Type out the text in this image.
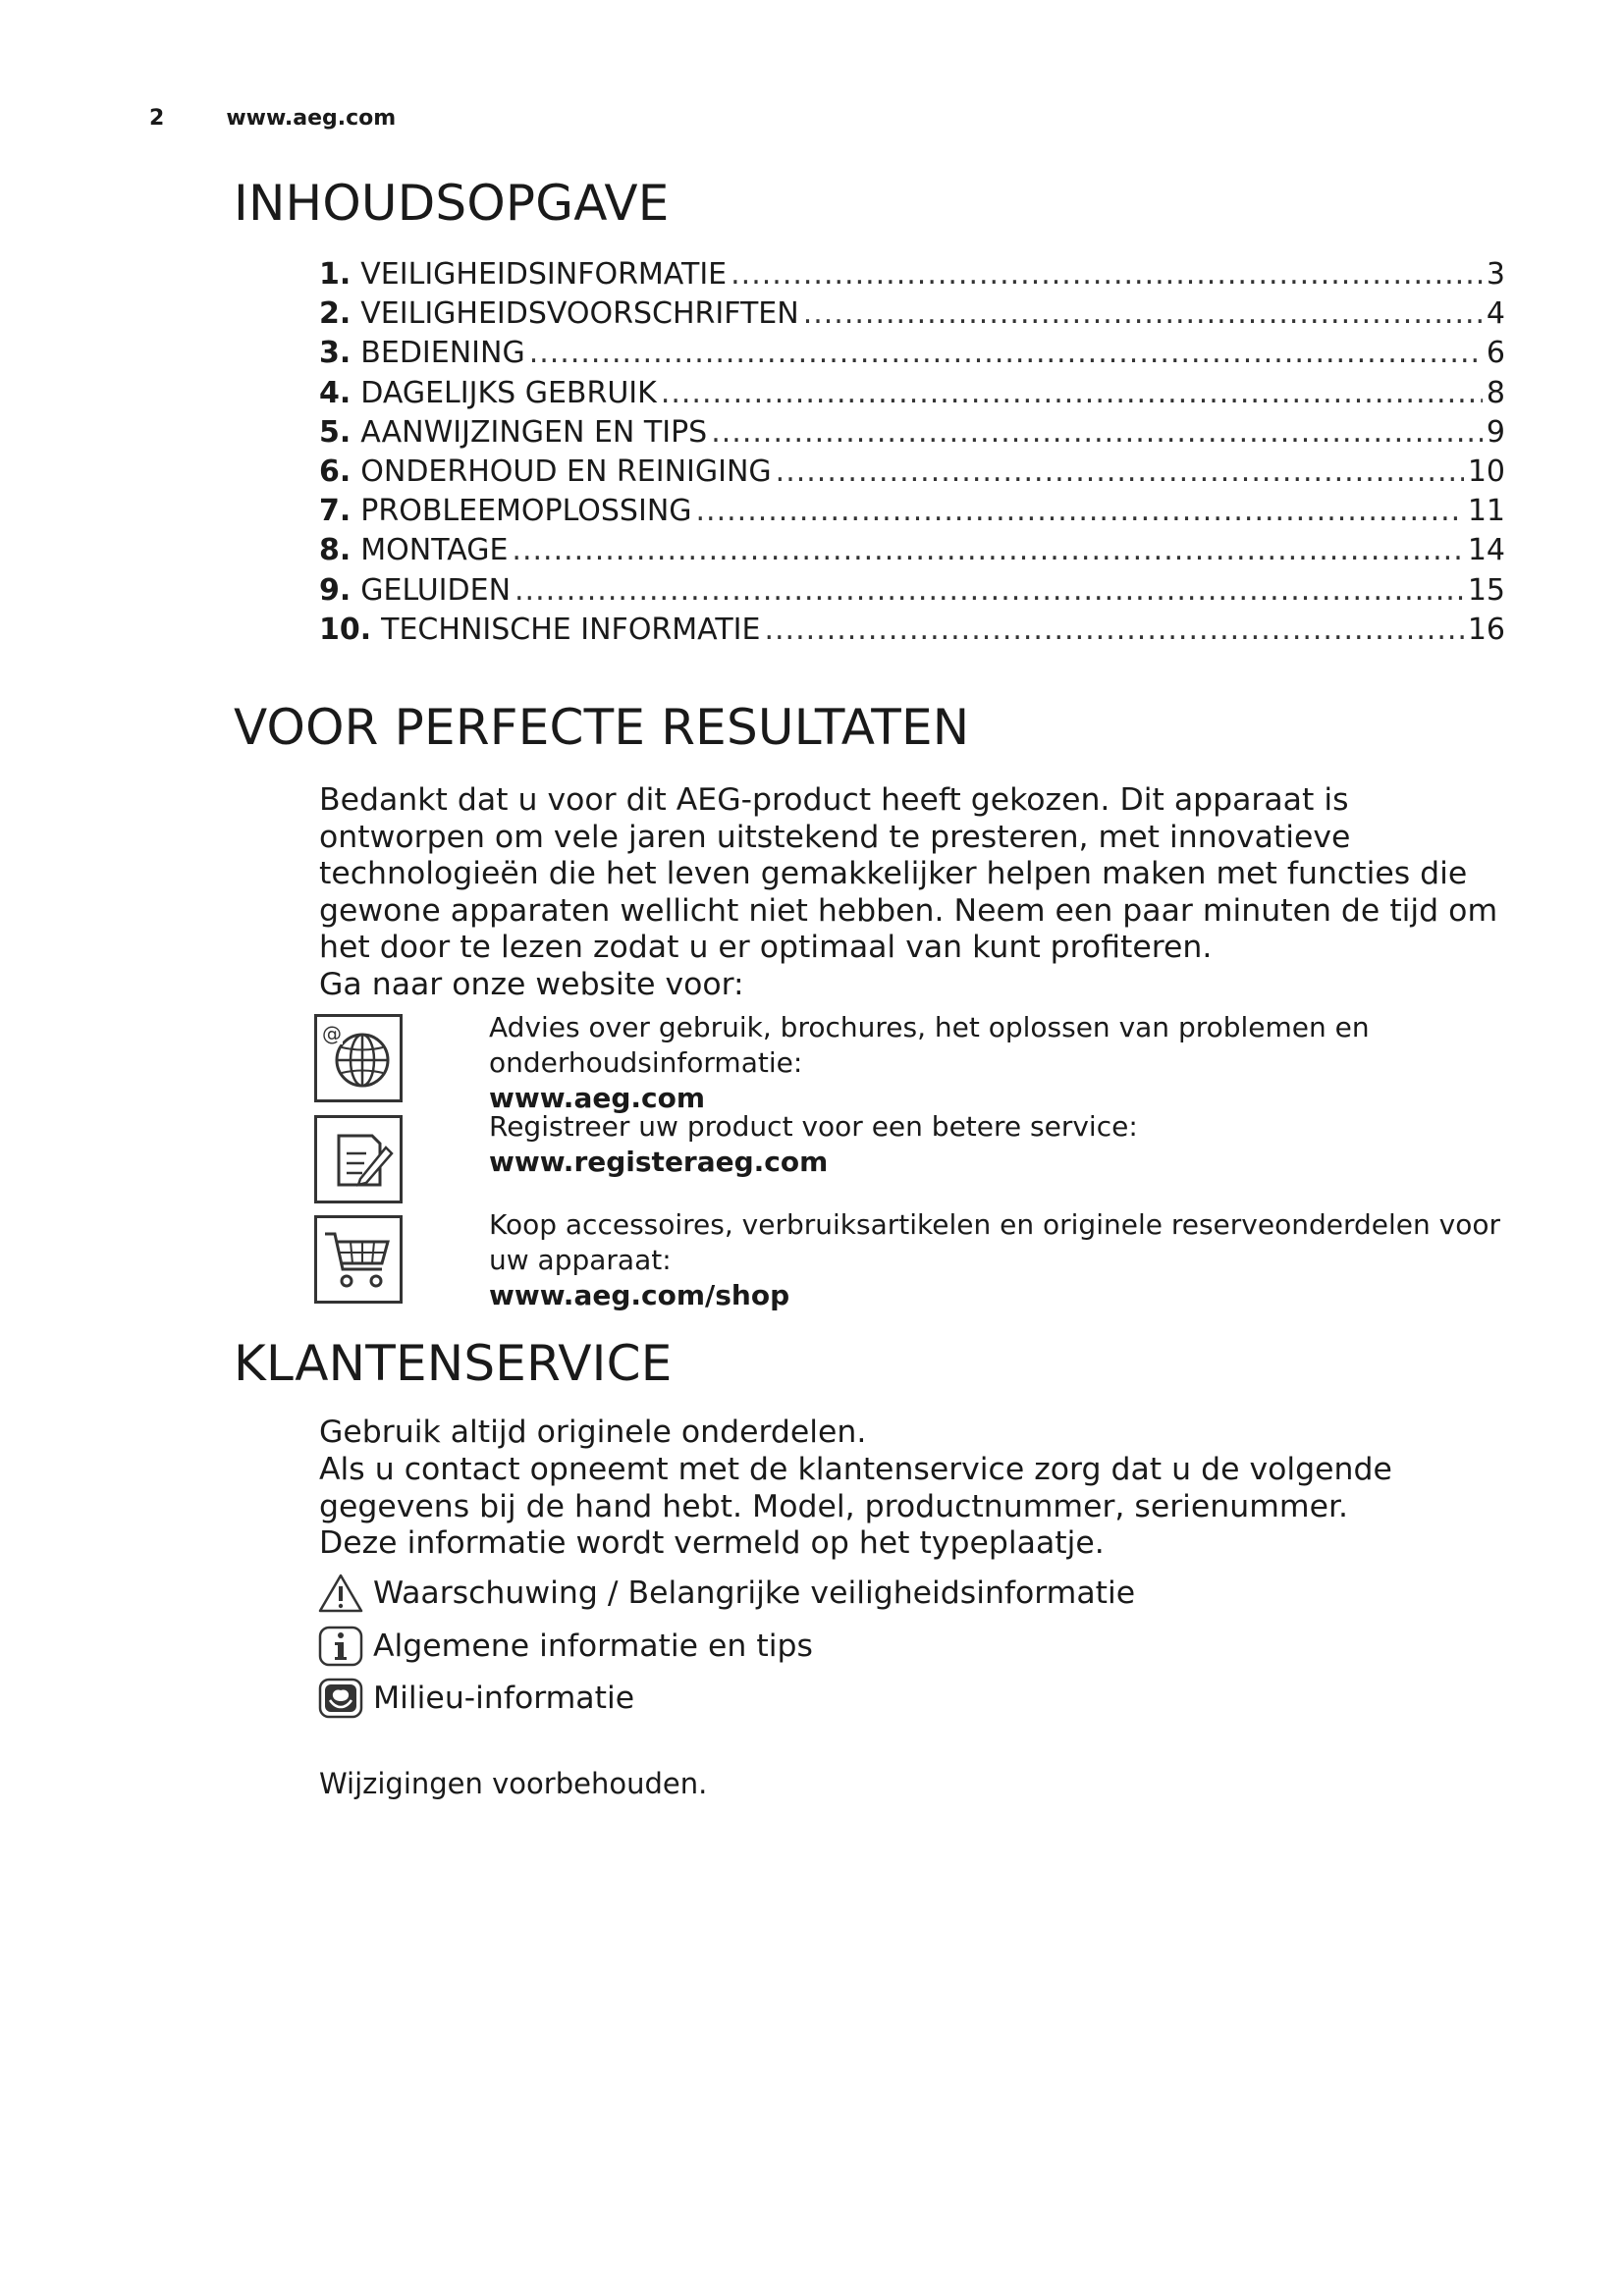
2	www.aeg.com
INHOUDSOPGAVE
1. VEILIGHEIDSINFORMATIE .....	3
2. VEILIGHEIDSVOORSCHRIFTEN .....	4
3. BEDIENING .....	6
4. DAGELIJKS GEBRUIK .....	8
5. AANWIJZINGEN EN TIPS .....	9
6. ONDERHOUD EN REINIGING .....	10
7. PROBLEEMOPLOSSING .....	11
8. MONTAGE .....	14
9. GELUIDEN .....	15
10. TECHNISCHE INFORMATIE .....	16
VOOR PERFECTE RESULTATEN
Bedankt dat u voor dit AEG-product heeft gekozen. Dit apparaat is ontworpen om vele jaren uitstekend te presteren, met innovatieve technologieën die het leven gemakkelijker helpen maken met functies die gewone apparaten wellicht niet hebben. Neem een paar minuten de tijd om het door te lezen zodat u er optimaal van kunt profiteren.
Ga naar onze website voor:
@	Advies over gebruik, brochures, het oplossen van problemen en onderhoudsinformatie:
www.aeg.com
Registreer uw product voor een betere service:
www.registeraeg.com
Koop accessoires, verbruiksartikelen en originele reserveonderdelen voor uw apparaat:
www.aeg.com/shop
KLANTENSERVICE
Gebruik altijd originele onderdelen.
Als u contact opneemt met de klantenservice zorg dat u de volgende gegevens bij de hand hebt. Model, productnummer, serienummer.
Deze informatie wordt vermeld op het typeplaatje.
Waarschuwing / Belangrijke veiligheidsinformatie
Algemene informatie en tips
Milieu-informatie
Wijzigingen voorbehouden.
